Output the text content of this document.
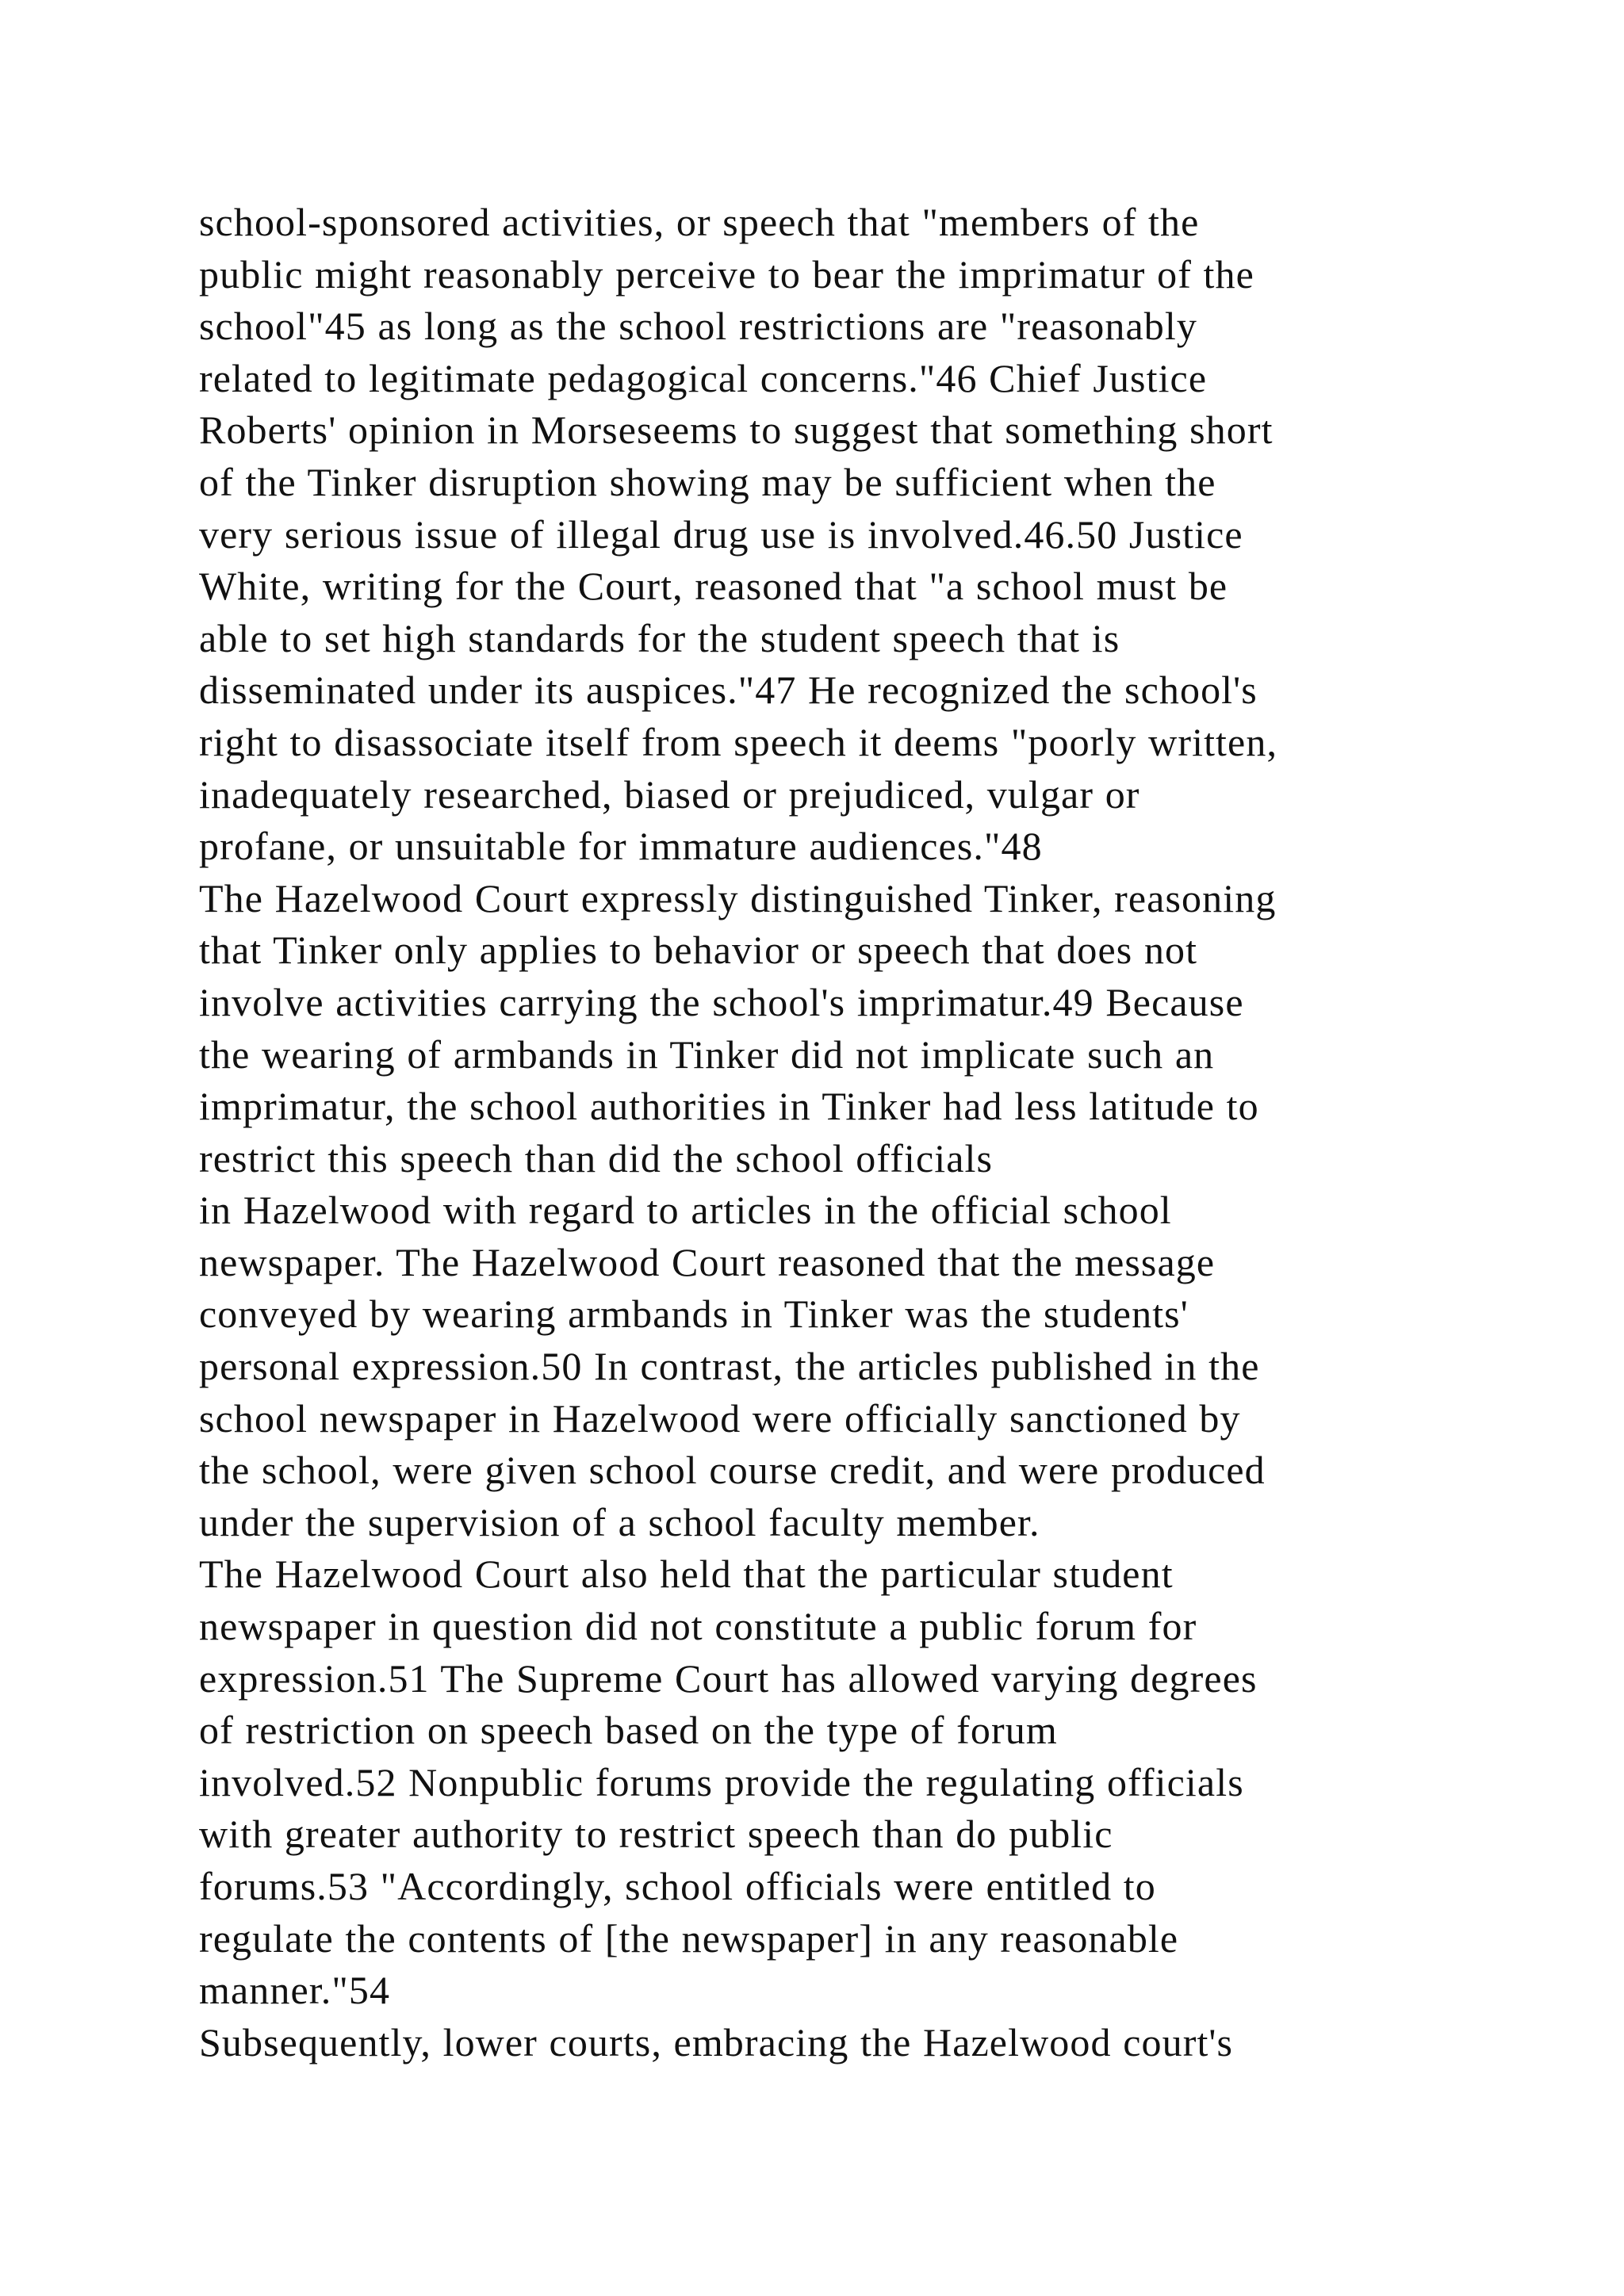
school-sponsored activities, or speech that "members of the
public might reasonably perceive to bear the imprimatur of the
school"45 as long as the school restrictions are "reasonably
related to legitimate pedagogical concerns."46 Chief Justice
Roberts' opinion in Morseseems to suggest that something short
of the Tinker disruption showing may be sufficient when the
very serious issue of illegal drug use is involved.46.50 Justice
White, writing for the Court, reasoned that "a school must be
able to set high standards for the student speech that is
disseminated under its auspices."47 He recognized the school's
right to disassociate itself from speech it deems "poorly written,
inadequately researched, biased or prejudiced, vulgar or
profane, or unsuitable for immature audiences."48
The Hazelwood Court expressly distinguished Tinker, reasoning
that Tinker only applies to behavior or speech that does not
involve activities carrying the school's imprimatur.49 Because
the wearing of armbands in Tinker did not implicate such an
imprimatur, the school authorities in Tinker had less latitude to
restrict this speech than did the school officials
in Hazelwood with regard to articles in the official school
newspaper. The Hazelwood Court reasoned that the message
conveyed by wearing armbands in Tinker was the students'
personal expression.50 In contrast, the articles published in the
school newspaper in Hazelwood were officially sanctioned by
the school, were given school course credit, and were produced
under the supervision of a school faculty member.
The Hazelwood Court also held that the particular student
newspaper in question did not constitute a public forum for
expression.51 The Supreme Court has allowed varying degrees
of restriction on speech based on the type of forum
involved.52 Nonpublic forums provide the regulating officials
with greater authority to restrict speech than do public
forums.53 "Accordingly, school officials were entitled to
regulate the contents of [the newspaper] in any reasonable
manner."54
Subsequently, lower courts, embracing the Hazelwood court's
